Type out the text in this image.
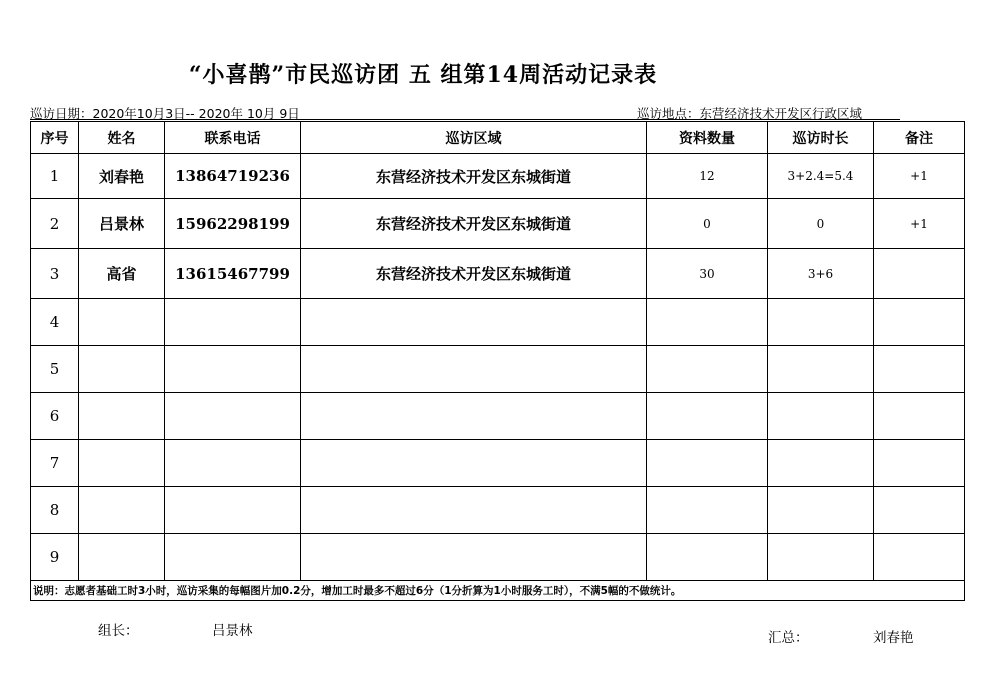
“小喜鹊”市民巡访团 五 组第14周活动记录表
巡访日期：2020年10月3日-- 2020年 10月 9日	巡访地点：东营经济技术开发区行政区域
序号	姓名	联系电话	巡访区域	资料数量	巡访时长	备注
1	刘春艳	13864719236	东营经济技术开发区东城街道	12	3+2.4=5.4	+1
2	吕景林	15962298199	东营经济技术开发区东城街道	0	0	+1
3	高省	13615467799	东营经济技术开发区东城街道	30	3+6	
4						
5						
6						
7						
8						
9						
说明：志愿者基础工时3小时，巡访采集的每幅图片加0.2分，增加工时最多不超过6分（1分折算为1小时服务工时），不满5幅的不做统计。						
组长：	吕景林	汇总：	刘春艳
